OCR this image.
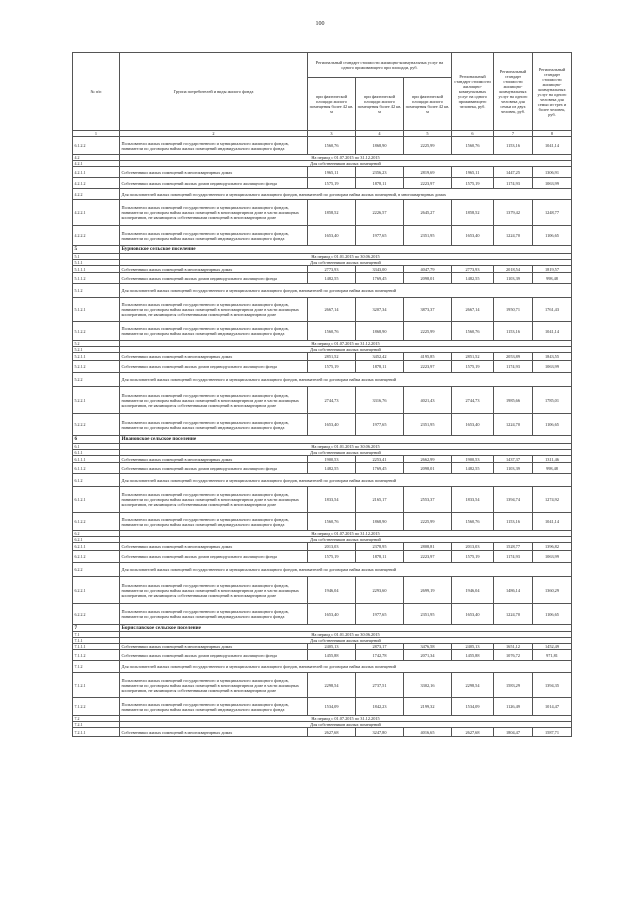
100
№ п/п	Группа потребителей и виды жилого фонда	Региональный стандарт стоимости жилищно-коммунальных услуг на одного проживающего при площади, руб.			Региональный стандарт стоимости жилищно-коммунальных услуг на одного проживающего человека, руб.	Региональный стандарт стоимости жилищно-коммунальных услуг на одного человека для семьи из двух человек, руб.	Региональный стандарт стоимости жилищно-коммунальных услуг на одного человека для семьи из трех и более человек, руб.
		при фактической площади жилого помещения более 42 кв. м	при фактической площади жилого помещения более 42 кв. м	при фактической площади жилого помещения более 42 кв. м			
1	2	3	4	5	6	7	8
6.1.2.2	Пользователи жилых помещений государственного и муниципального жилищного фондов, наниматели по договорам найма жилых помещений индивидуального жилищного фонда	1560,76	1868,90	2225,99	1560,76	1153,16	1041,14
4.2	На период с 01.07.2015 по 31.12.2015						
4.2.1	Для собственников жилых помещений						
4.2.1.1	Собственники жилых помещений в многоквартирных домах	1965,11	2356,23	2819,69	1965,11	1447,25	1306,91
4.2.1.2	Собственники жилых помещений жилых домов индивидуального жилищного фонда	1575,19	1878,11	2223,97	1575,19	1174,93	1063,99
4.2.2	Для пользователей жилых помещений государственного и муниципального жилищного фондов, нанимателей по договорам найма жилых помещений, в многоквартирных домах						
4.2.2.1	Пользователи жилых помещений государственного и муниципального жилищного фондов, наниматели по договорам найма жилых помещений в многоквартирном доме в части жилищных кооперативов, не являющиеся собственниками помещений в многоквартирном доме	1858,52	2226,57	2645,27	1858,52	1379,42	1248,77
4.2.2.2	Пользователи жилых помещений государственного и муниципального жилищного фондов, наниматели по договорам найма жилых помещений индивидуального жилищного фонда	1653,40	1977,65	2351,95	1653,40	1224,70	1106,65
5	Бурновское сельское поселение						
5.1	На период с 01.01.2015 по 30.06.2015						
5.1.1	Для собственников жилых помещений						
5.1.1.1	Собственники жилых помещений в многоквартирных домах	2773,93	3343,00	4047,79	2773,93	2018,54	1819,57
5.1.1.2	Собственники жилых помещений жилых домов индивидуального жилищного фонда	1482,55	1769,45	2098,01	1482,55	1103,39	998,48
5.1.2	Для пользователей жилых помещений государственного и муниципального жилищного фондов, нанимателей по договорам найма жилых помещений						
5.1.2.1	Пользователи жилых помещений государственного и муниципального жилищного фондов, наниматели по договорам найма жилых помещений в многоквартирном доме в части жилищных кооперативов, не являющиеся собственниками помещений в многоквартирном доме	2667,14	3207,34	3873,37	2667,14	1950,71	1761,43
5.1.2.2	Пользователи жилых помещений государственного и муниципального жилищного фондов, наниматели по договорам найма жилых помещений индивидуального жилищного фонда	1560,76	1868,90	2225,99	1560,76	1153,16	1041,14
5.2	На период с 01.07.2015 по 31.12.2015						
5.2.1	Для собственников жилых помещений						
5.2.1.1	Собственники жилых помещений в многоквартирных домах	2851,52	3452,42	4195,85	2851,52	2053,89	1843,55
5.2.1.2	Собственники жилых помещений жилых домов индивидуального жилищного фонда	1575,19	1878,11	2223,97	1575,19	1174,93	1063,99
5.2.2	Для пользователей жилых помещений государственного и муниципального жилищного фондов, нанимателей по договорам найма жилых помещений						
5.2.2.1	Пользователи жилых помещений государственного и муниципального жилищного фондов, наниматели по договорам найма жилых помещений в многоквартирном доме в части жилищных кооперативов, не являющиеся собственниками помещений в многоквартирном доме	2744,73	3316,76	4021,43	2744,73	1985,66	1785,01
5.2.2.2	Пользователи жилых помещений государственного и муниципального жилищного фондов, наниматели по договорам найма жилых помещений индивидуального жилищного фонда	1653,40	1977,65	2351,95	1653,40	1224,70	1106,65
6	Ивановское сельское поселение						
6.1	На период с 01.01.2015 по 30.06.2015						
6.1.1	Для собственников жилых помещений						
6.1.1.1	Собственники жилых помещений в многоквартирных домах	1900,53	2253,41	2662,99	1900,53	1437,37	1311,46
6.1.1.2	Собственники жилых помещений жилых домов индивидуального жилищного фонда	1482,55	1769,45	2098,01	1482,55	1103,39	998,48
6.1.2	Для пользователей жилых помещений государственного и муниципального жилищного фондов, нанимателей по договорам найма жилых помещений						
6.1.2.1	Пользователи жилых помещений государственного и муниципального жилищного фондов, наниматели по договорам найма жилых помещений в многоквартирном доме в части жилищных кооперативов, не являющиеся собственниками помещений в многоквартирном доме	1833,54	2165,17	2553,37	1833,54	1394,74	1274,92
6.1.2.2	Пользователи жилых помещений государственного и муниципального жилищного фондов, наниматели по договорам найма жилых помещений индивидуального жилищного фонда	1560,76	1868,90	2225,99	1560,76	1153,16	1041,14
6.2	На период с 01.07.2015 по 31.12.2015						
6.2.1	Для собственников жилых помещений						
6.2.1.1	Собственники жилых помещений в многоквартирных домах	2013,03	2378,95	2808,81	2013,03	1528,77	1396,82
6.2.1.2	Собственники жилых помещений жилых домов индивидуального жилищного фонда	1575,19	1878,11	2223,97	1575,19	1174,93	1063,99
6.2.2	Для пользователей жилых помещений государственного и муниципального жилищного фондов, нанимателей по договорам найма жилых помещений						
6.2.2.1	Пользователи жилых помещений государственного и муниципального жилищного фондов, наниматели по договорам найма жилых помещений в многоквартирном доме в части жилищных кооперативов, не являющиеся собственниками помещений в многоквартирном доме	1946,04	2293,60	2699,19	1946,04	1486,14	1360,29
6.2.2.2	Пользователи жилых помещений государственного и муниципального жилищного фондов, наниматели по договорам найма жилых помещений индивидуального жилищного фонда	1653,40	1977,65	2351,95	1653,40	1224,70	1106,65
7	Бориславское сельское поселение						
7.1	На период с 01.01.2015 по 30.06.2015						
7.1.1	Для собственников жилых помещений						
7.1.1.1	Собственники жилых помещений в многоквартирных домах	2405,13	2873,17	3476,58	2405,13	1651,12	1452,49
7.1.1.2	Собственники жилых помещений жилых домов индивидуального жилищного фонда	1455,88	1742,78	2071,34	1455,88	1076,72	971,81
7.1.2	Для пользователей жилых помещений государственного и муниципального жилищного фондов, нанимателей по договорам найма жилых помещений						
7.1.2.1	Пользователи жилых помещений государственного и муниципального жилищного фондов, наниматели по договорам найма жилых помещений в многоквартирном доме в части жилищных кооперативов, не являющиеся собственниками помещений в многоквартирном доме	2298,54	2737,51	3302,16	2298,54	1583,29	1394,35
7.1.2.2	Пользователи жилых помещений государственного и муниципального жилищного фондов, наниматели по договорам найма жилых помещений индивидуального жилищного фонда	1534,09	1842,23	2199,32	1534,09	1126,49	1014,47
7.2	На период с 01.07.2015 по 31.12.2015						
7.2.1	Для собственников жилых помещений						
7.2.1.1	Собственники жилых помещений в многоквартирных домах	2627,68	3247,80	4016,65	2627,68	1804,47	1587,71
